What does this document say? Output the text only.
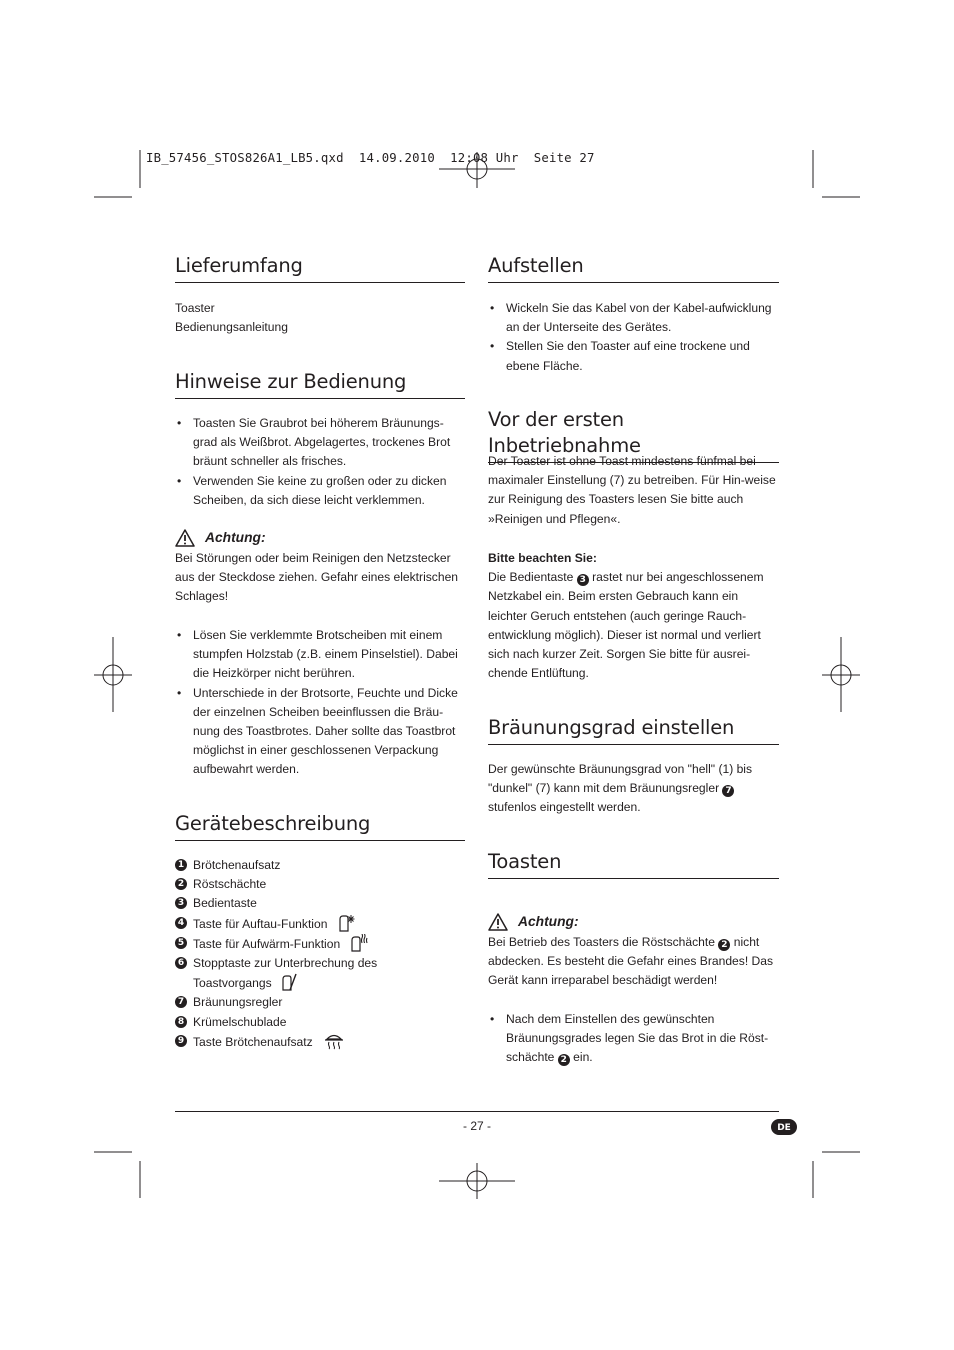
IB_57456_STOS826A1_LB5.qxd  14.09.2010  12:08 Uhr  Seite 27
Lieferumfang

Toaster

Bedienungsanleitung

Hinweise zur Bedienung
• Toasten Sie Graubrot bei höherem Bräunungs-grad als Weißbrot. Abgelagertes, trockenes Brot bräunt schneller als frisches.
• Verwenden Sie keine zu großen oder zu dicken Scheiben, da sich diese leicht verklemmen.
Achtung:
Bei Störungen oder beim Reinigen den Netzstecker aus der Steckdose ziehen. Gefahr eines elektrischen Schlages!
• Lösen Sie verklemmte Brotscheiben mit einem stumpfen Holzstab (z.B. einem Pinselstiel). Dabei die Heizkörper nicht berühren.
• Unterschiede in der Brotsorte, Feuchte und Dicke der einzelnen Scheiben beeinflussen die Bräu-nung des Toastbrotes. Daher sollte das Toastbrot möglichst in einer geschlossenen Verpackung aufbewahrt werden.
Gerätebeschreibung
1 Brötchenaufsatz
2 Röstschächte
3 Bedientaste
4 Taste für Auftau-Funktion
5 Taste für Aufwärm-Funktion
6 Stopptaste zur Unterbrechung des
Toastvorgangs
7 Bräunungsregler
8 Krümelschublade
9 Taste Brötchenaufsatz
Aufstellen
• Wickeln Sie das Kabel von der Kabel-aufwicklung an der Unterseite des Gerätes.
• Stellen Sie den Toaster auf eine trockene und ebene Fläche.
Vor der ersten Inbetriebnahme
Der Toaster ist ohne Toast mindestens fünfmal bei maximaler Einstellung (7) zu betreiben. Für Hin-weise zur Reinigung des Toasters lesen Sie bitte auch »Reinigen und Pflegen«.

Bitte beachten Sie:

Die Bedientaste 3 rastet nur bei angeschlossenem Netzkabel ein. Beim ersten Gebrauch kann ein leichter Geruch entstehen (auch geringe Rauch-entwicklung möglich). Dieser ist normal und verliert sich nach kurzer Zeit. Sorgen Sie bitte für ausrei-chende Entlüftung.

Bräunungsgrad einstellen
Der gewünschte Bräunungsgrad von "hell" (1) bis "dunkel" (7) kann mit dem Bräunungsregler 7 stufenlos eingestellt werden.
Toasten
Achtung:
Bei Betrieb des Toasters die Röstschächte 2 nicht abdecken. Es besteht die Gefahr eines Brandes! Das Gerät kann irreparabel beschädigt werden!
• Nach dem Einstellen des gewünschten Bräunungsgrades legen Sie das Brot in die Röst-schächte 2 ein.
- 27 -	DE
